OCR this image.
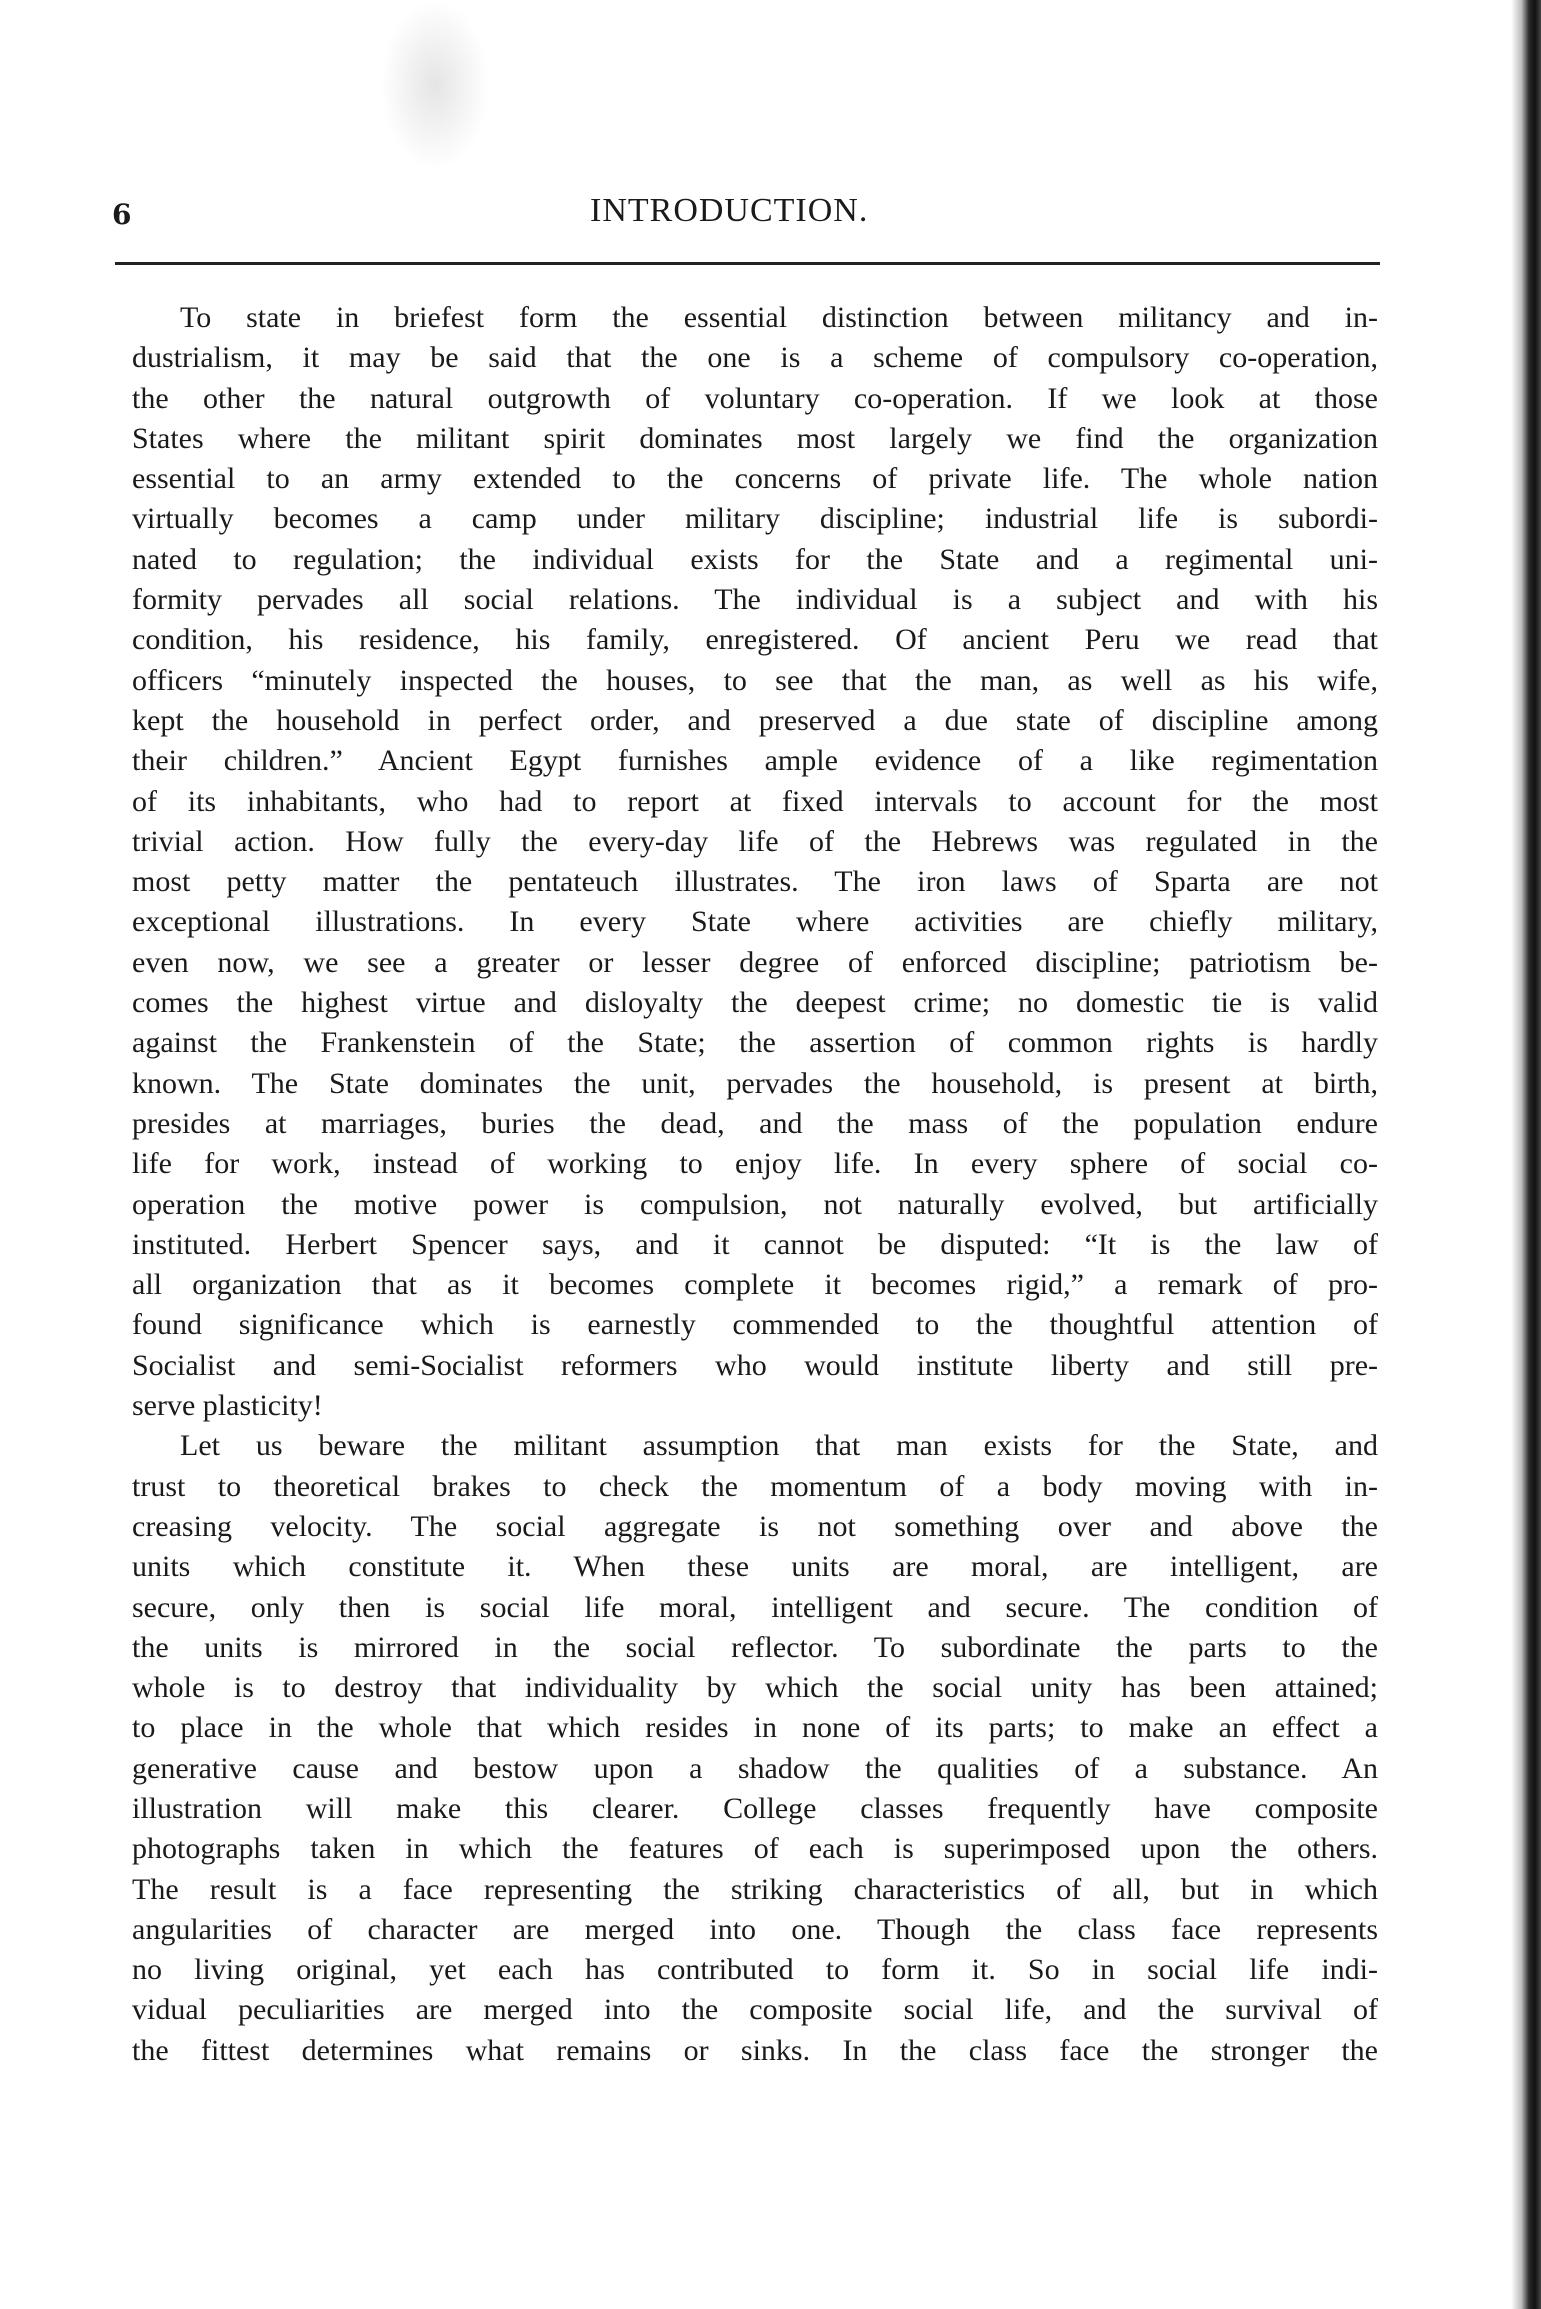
6	INTRODUCTION.
To state in briefest form the essential distinction between militancy and in-
dustrialism, it may be said that the one is a scheme of compulsory co-operation,
the other the natural outgrowth of voluntary co-operation. If we look at those
States where the militant spirit dominates most largely we find the organization
essential to an army extended to the concerns of private life. The whole nation
virtually becomes a camp under military discipline; industrial life is subordi-
nated to regulation; the individual exists for the State and a regimental uni-
formity pervades all social relations. The individual is a subject and with his
condition, his residence, his family, enregistered. Of ancient Peru we read that
officers “minutely inspected the houses, to see that the man, as well as his wife,
kept the household in perfect order, and preserved a due state of discipline among
their children.” Ancient Egypt furnishes ample evidence of a like regimentation
of its inhabitants, who had to report at fixed intervals to account for the most
trivial action. How fully the every-day life of the Hebrews was regulated in the
most petty matter the pentateuch illustrates. The iron laws of Sparta are not
exceptional illustrations. In every State where activities are chiefly military,
even now, we see a greater or lesser degree of enforced discipline; patriotism be-
comes the highest virtue and disloyalty the deepest crime; no domestic tie is valid
against the Frankenstein of the State; the assertion of common rights is hardly
known. The State dominates the unit, pervades the household, is present at birth,
presides at marriages, buries the dead, and the mass of the population endure
life for work, instead of working to enjoy life. In every sphere of social co-
operation the motive power is compulsion, not naturally evolved, but artificially
instituted. Herbert Spencer says, and it cannot be disputed: “It is the law of
all organization that as it becomes complete it becomes rigid,” a remark of pro-
found significance which is earnestly commended to the thoughtful attention of
Socialist and semi-Socialist reformers who would institute liberty and still pre-
serve plasticity!
Let us beware the militant assumption that man exists for the State, and
trust to theoretical brakes to check the momentum of a body moving with in-
creasing velocity. The social aggregate is not something over and above the
units which constitute it. When these units are moral, are intelligent, are
secure, only then is social life moral, intelligent and secure. The condition of
the units is mirrored in the social reflector. To subordinate the parts to the
whole is to destroy that individuality by which the social unity has been attained;
to place in the whole that which resides in none of its parts; to make an effect a
generative cause and bestow upon a shadow the qualities of a substance. An
illustration will make this clearer. College classes frequently have composite
photographs taken in which the features of each is superimposed upon the others.
The result is a face representing the striking characteristics of all, but in which
angularities of character are merged into one. Though the class face represents
no living original, yet each has contributed to form it. So in social life indi-
vidual peculiarities are merged into the composite social life, and the survival of
the fittest determines what remains or sinks. In the class face the stronger the
